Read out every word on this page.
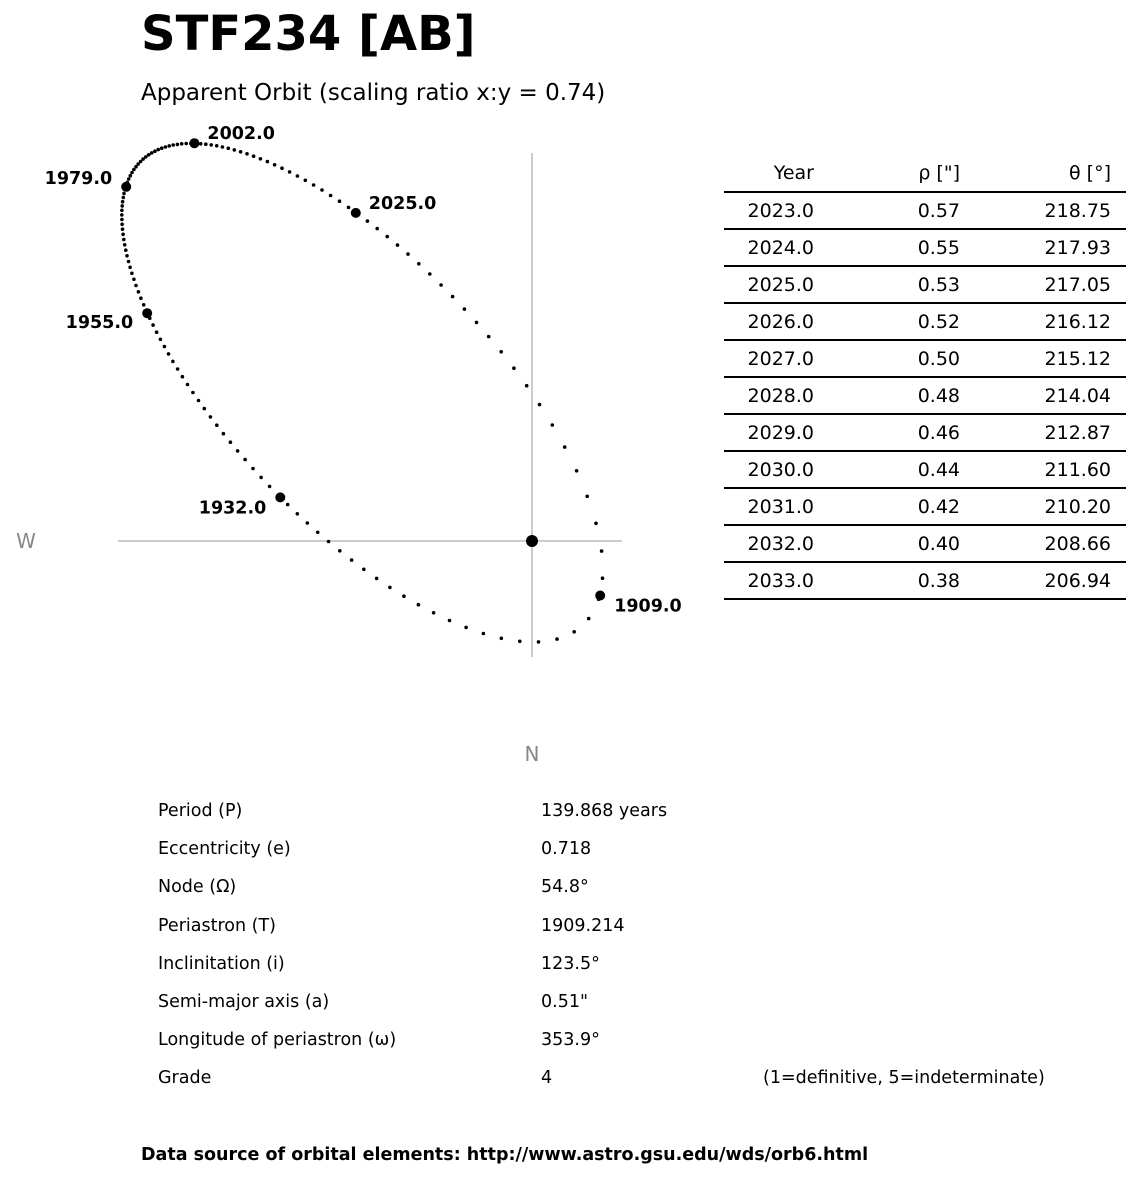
STF234 [AB]
Apparent Orbit (scaling ratio x:y = 0.74)
1909.0
1932.0
1955.0
1979.0
2002.0
2025.0
W
N
Year	ρ ["]	θ [°]	
2023.0	0.57	218.75	
2024.0	0.55	217.93	
2025.0	0.53	217.05	
2026.0	0.52	216.12	
2027.0	0.50	215.12	
2028.0	0.48	214.04	
2029.0	0.46	212.87	
2030.0	0.44	211.60	
2031.0	0.42	210.20	
2032.0	0.40	208.66	
2033.0	0.38	206.94	
Period (P)	139.868 years
Eccentricity (e)	0.718
Node (Ω)	54.8°
Periastron (T)	1909.214
Inclinitation (i)	123.5°
Semi-major axis (a)	0.51"
Longitude of periastron (ω)	353.9°
Grade	4	(1=definitive, 5=indeterminate)
Data source of orbital elements: http://www.astro.gsu.edu/wds/orb6.html
